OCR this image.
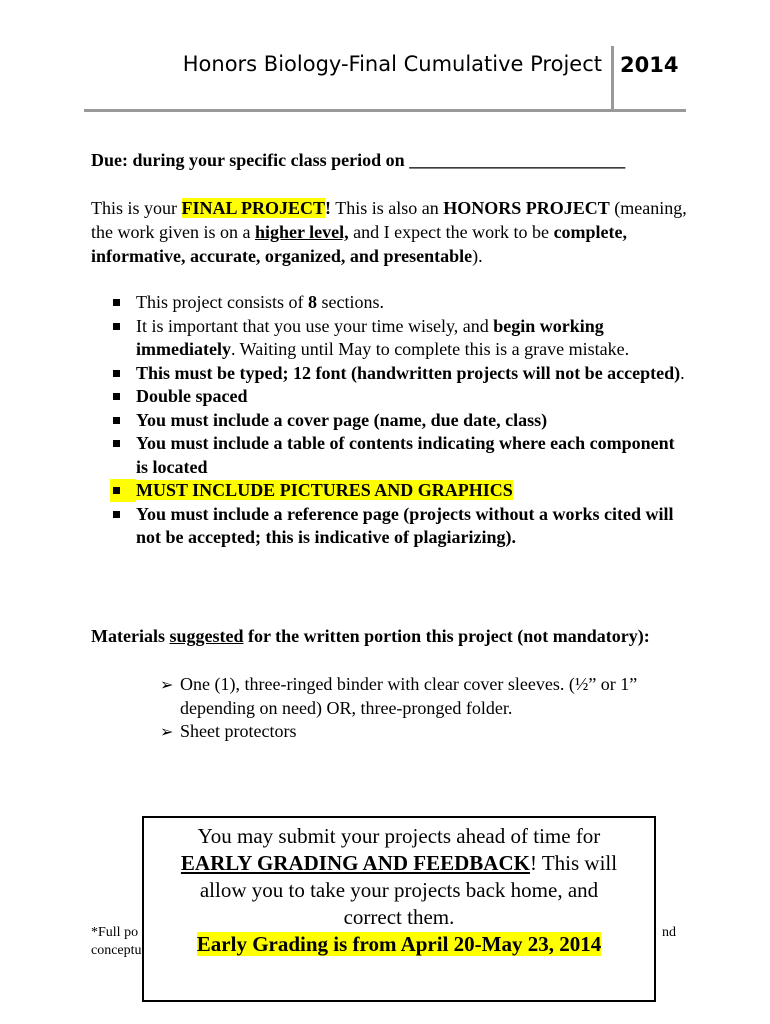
Honors Biology-Final Cumulative Project 2014
Due: during your specific class period on ________________________
This is your FINAL PROJECT! This is also an HONORS PROJECT (meaning, the work given is on a higher level, and I expect the work to be complete, informative, accurate, organized, and presentable).
This project consists of 8 sections.
It is important that you use your time wisely, and begin working immediately. Waiting until May to complete this is a grave mistake.
This must be typed; 12 font (handwritten projects will not be accepted).
Double spaced
You must include a cover page (name, due date, class)
You must include a table of contents indicating where each component is located
MUST INCLUDE PICTURES AND GRAPHICS
You must include a reference page (projects without a works cited will not be accepted; this is indicative of plagiarizing).
Materials suggested for the written portion this project (not mandatory):
➢ One (1), three-ringed binder with clear cover sleeves. (½” or 1” depending on need) OR, three-pronged folder.
➢ Sheet protectors
*Full po
conceptu
nd
You may submit your projects ahead of time for
EARLY GRADING AND FEEDBACK! This will
allow you to take your projects back home, and
correct them.
Early Grading is from April 20-May 23, 2014
